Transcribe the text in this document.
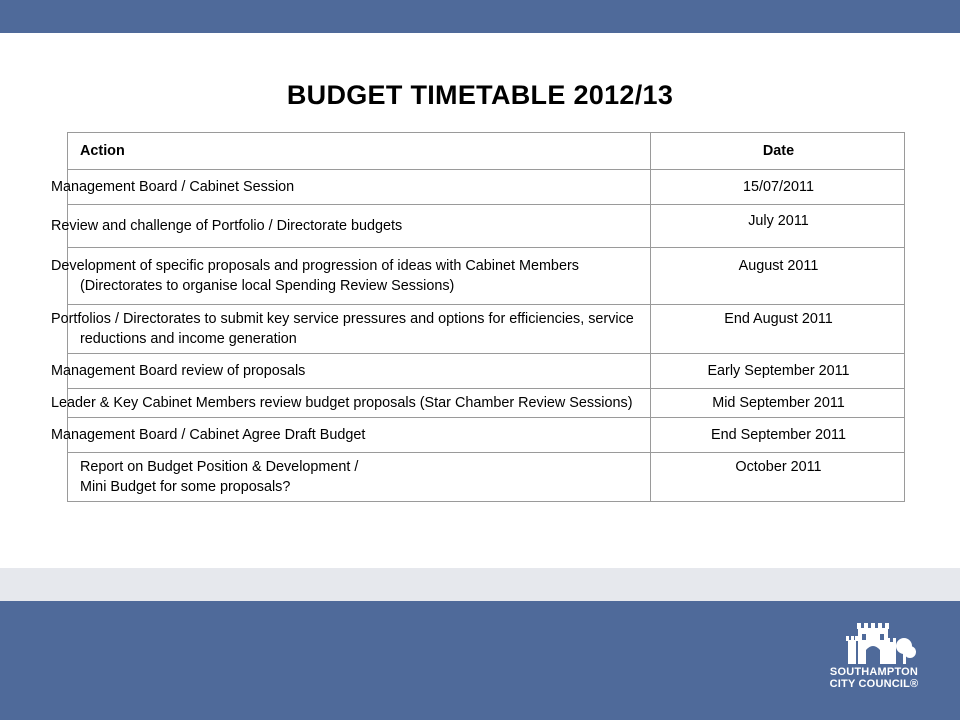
BUDGET TIMETABLE 2012/13
Action	Date
Management Board / Cabinet Session	15/07/2011
Review and challenge of Portfolio / Directorate budgets	July 2011
Development of specific proposals and progression of ideas with Cabinet Members (Directorates to organise local Spending Review Sessions)	August 2011
Portfolios / Directorates to submit key service pressures and options for efficiencies, service reductions and income generation	End August 2011
Management Board review of proposals	Early September 2011
Leader & Key Cabinet Members review budget proposals (Star Chamber Review Sessions)	Mid September 2011
Management Board / Cabinet Agree Draft Budget	End September 2011
Report on Budget Position & Development /
Mini Budget for some proposals?	October 2011
SOUTHAMPTON
CITY COUNCIL®
